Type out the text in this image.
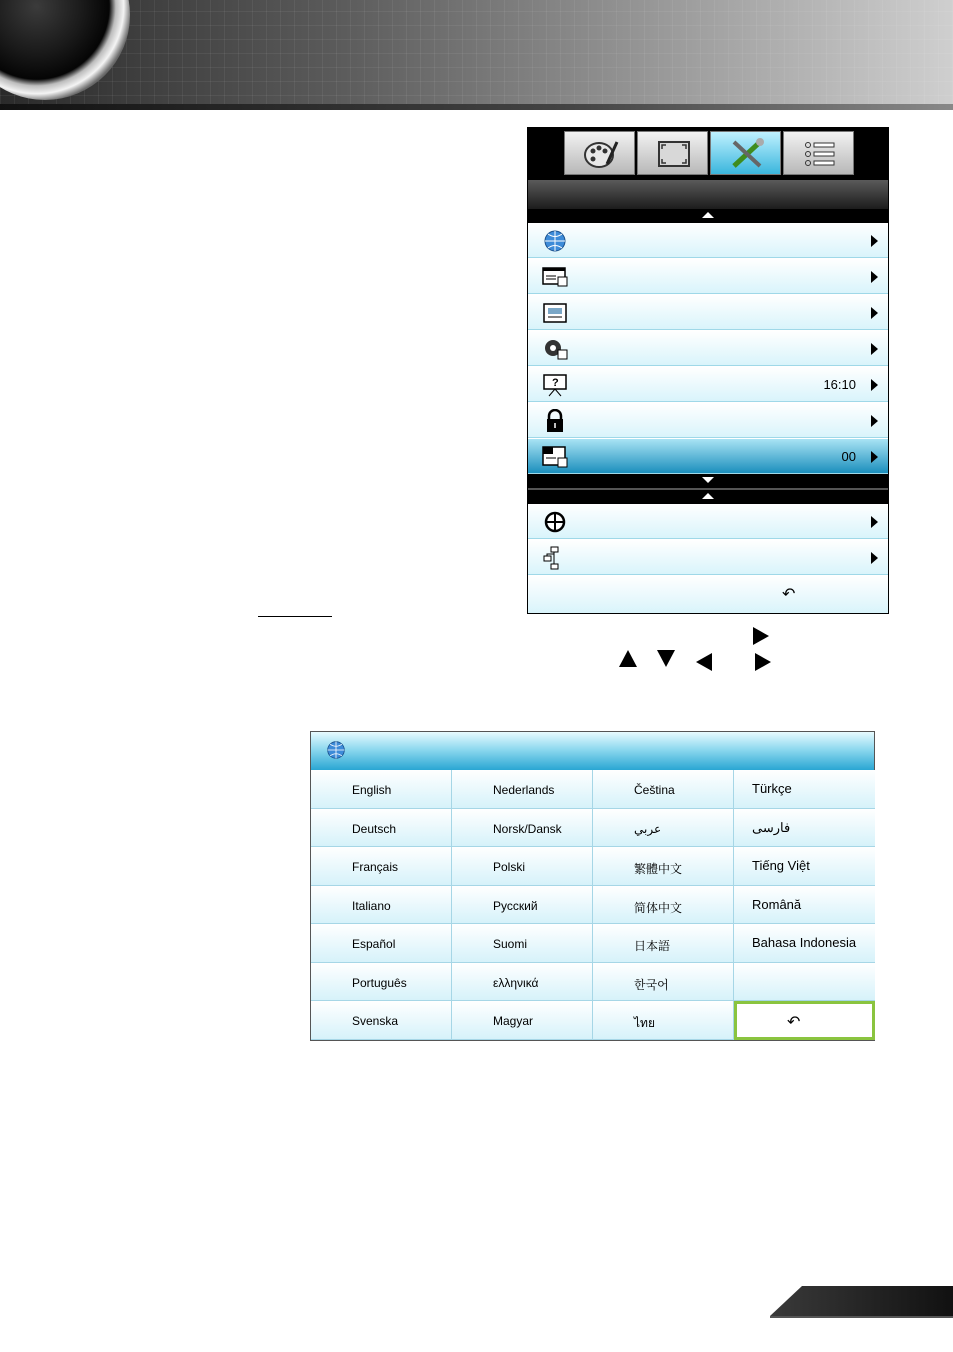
?	16:10
00
↶
English
Deutsch
Français
Italiano
Español
Português
Svenska
Nederlands
Norsk/Dansk
Polski
Русский
Suomi
ελληνικά
Magyar
Čeština
عربي
繁體中文
简体中文
日本語
한국어
ไทย
Türkçe
فارسی
Tiếng Việt
Română
Bahasa Indonesia
↶
